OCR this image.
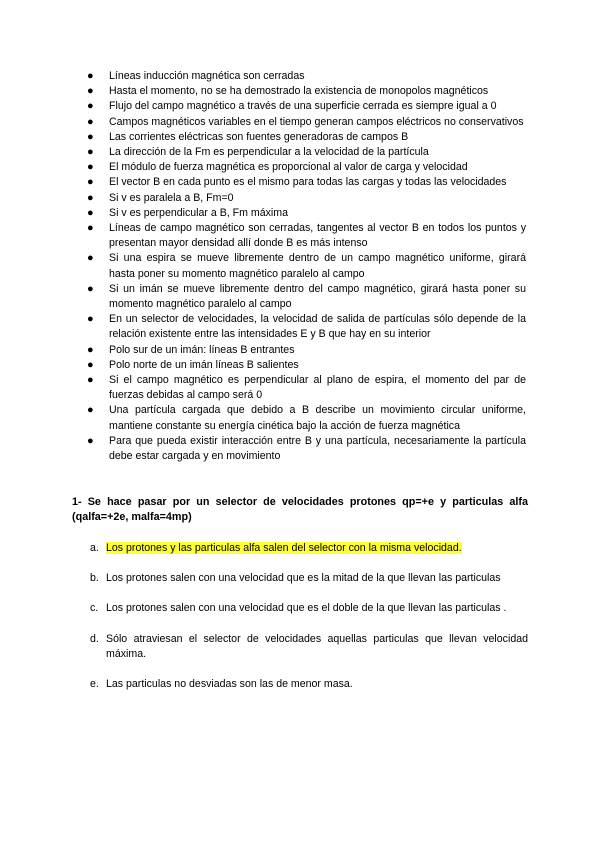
● Líneas inducción magnética son cerradas
● Hasta el momento, no se ha demostrado la existencia de monopolos magnéticos
● Flujo del campo magnético a través de una superficie cerrada es siempre igual a 0
● Campos magnéticos variables en el tiempo generan campos eléctricos no conservativos
● Las corrientes eléctricas son fuentes generadoras de campos B
● La dirección de la Fm es perpendicular a la velocidad de la partícula
● El módulo de fuerza magnética es proporcional al valor de carga y velocidad
● El vector B en cada punto es el mismo para todas las cargas y todas las velocidades
● Si v es paralela a B, Fm=0
● Si v es perpendicular a B, Fm máxima
● Líneas de campo magnético son cerradas, tangentes al vector B en todos los puntos y presentan mayor densidad allí donde B es más intenso
● Si una espira se mueve libremente dentro de un campo magnético uniforme, girará hasta poner su momento magnético paralelo al campo
● Si un imán se mueve libremente dentro del campo magnético, girará hasta poner su momento magnético paralelo al campo
● En un selector de velocidades, la velocidad de salida de partículas sólo depende de la relación existente entre las intensidades E y B que hay en su interior
● Polo sur de un imán: líneas B entrantes
● Polo norte de un imán líneas B salientes
● Si el campo magnético es perpendicular al plano de espira, el momento del par de fuerzas debidas al campo será 0
● Una partícula cargada que debido a B describe un movimiento circular uniforme, mantiene constante su energía cinética bajo la acción de fuerza magnética
● Para que pueda existir interacción entre B y una partícula, necesariamente la partícula debe estar cargada y en movimiento

1- Se hace pasar por un selector de velocidades protones qp=+e y particulas alfa (qalfa=+2e, malfa=4mp)

a. Los protones y las particulas alfa salen del selector con la misma velocidad.
b. Los protones salen con una velocidad que es la mitad de la que llevan las particulas
c. Los protones salen con una velocidad que es el doble de la que llevan las particulas .
d. Sólo atraviesan el selector de velocidades aquellas particulas que llevan velocidad máxima.
e. Las particulas no desviadas son las de menor masa.
